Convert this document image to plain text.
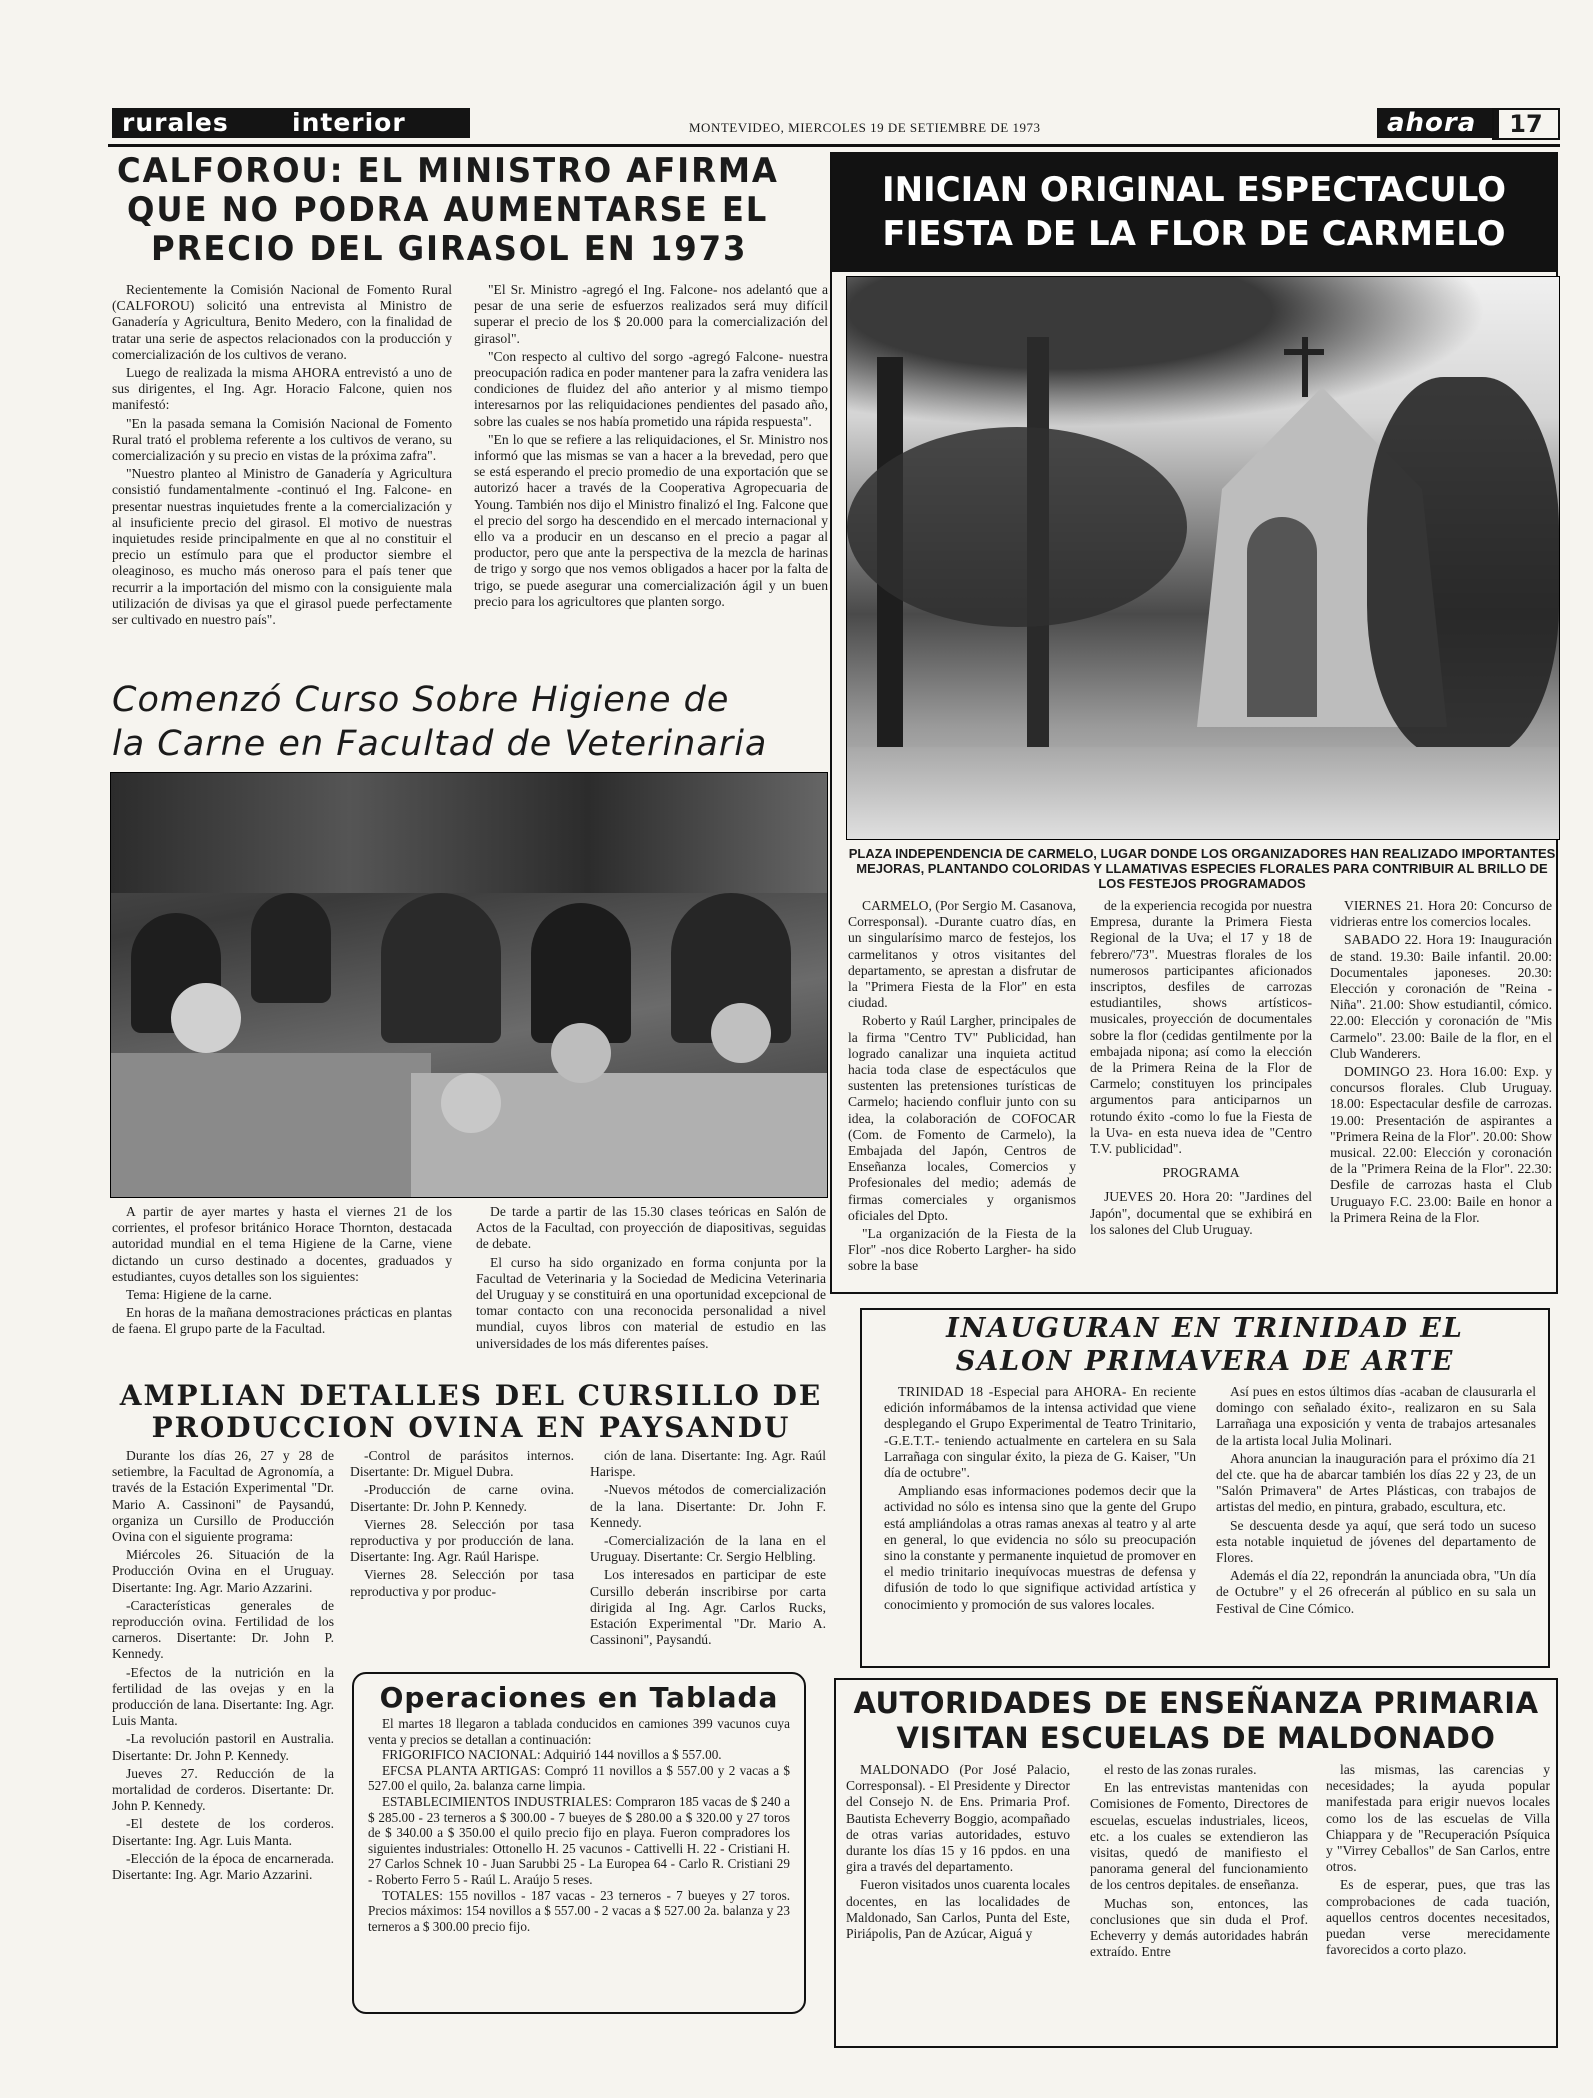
rurales	interior	MONTEVIDEO, MIERCOLES 19 DE SETIEMBRE DE 1973	ahora	17
CALFOROU: EL MINISTRO AFIRMA
QUE NO PODRA AUMENTARSE EL
PRECIO DEL GIRASOL EN 1973

Recientemente la Comisión Nacional de Fomento Rural (CALFOROU) solicitó una entrevista al Ministro de Ganadería y Agricultura, Benito Medero, con la finalidad de tratar una serie de aspectos relacionados con la producción y comercialización de los cultivos de verano.

Luego de realizada la misma AHORA entrevistó a uno de sus dirigentes, el Ing. Agr. Horacio Falcone, quien nos manifestó:

"En la pasada semana la Comisión Nacional de Fomento Rural trató el problema referente a los cultivos de verano, su comercialización y su precio en vistas de la próxima zafra".

"Nuestro planteo al Ministro de Ganadería y Agricultura consistió fundamentalmente -continuó el Ing. Falcone- en presentar nuestras inquietudes frente a la comercialización y al insuficiente precio del girasol. El motivo de nuestras inquietudes reside principalmente en que al no constituir el precio un estímulo para que el productor siembre el oleaginoso, es mucho más oneroso para el país tener que recurrir a la importación del mismo con la consiguiente mala utilización de divisas ya que el girasol puede perfectamente ser cultivado en nuestro país".

"El Sr. Ministro -agregó el Ing. Falcone- nos adelantó que a pesar de una serie de esfuerzos realizados será muy difícil superar el precio de los $ 20.000 para la comercialización del girasol".

"Con respecto al cultivo del sorgo -agregó Falcone- nuestra preocupación radica en poder mantener para la zafra venidera las condiciones de fluidez del año anterior y al mismo tiempo interesarnos por las reliquidaciones pendientes del pasado año, sobre las cuales se nos había prometido una rápida respuesta".

"En lo que se refiere a las reliquidaciones, el Sr. Ministro nos informó que las mismas se van a hacer a la brevedad, pero que se está esperando el precio promedio de una exportación que se autorizó hacer a través de la Cooperativa Agropecuaria de Young. También nos dijo el Ministro finalizó el Ing. Falcone que el precio del sorgo ha descendido en el mercado internacional y ello va a producir en un descanso en el precio a pagar al productor, pero que ante la perspectiva de la mezcla de harinas de trigo y sorgo que nos vemos obligados a hacer por la falta de trigo, se puede asegurar una comercialización ágil y un buen precio para los agricultores que planten sorgo.

Comenzó Curso Sobre Higiene de
la Carne en Facultad de Veterinaria

A partir de ayer martes y hasta el viernes 21 de los corrientes, el profesor británico Horace Thornton, destacada autoridad mundial en el tema Higiene de la Carne, viene dictando un curso destinado a docentes, graduados y estudiantes, cuyos detalles son los siguientes:

Tema: Higiene de la carne.

En horas de la mañana demostraciones prácticas en plantas de faena. El grupo parte de la Facultad.

De tarde a partir de las 15.30 clases teóricas en Salón de Actos de la Facultad, con proyección de diapositivas, seguidas de debate.

El curso ha sido organizado en forma conjunta por la Facultad de Veterinaria y la Sociedad de Medicina Veterinaria del Uruguay y se constituirá en una oportunidad excepcional de tomar contacto con una reconocida personalidad a nivel mundial, cuyos libros con material de estudio en las universidades de los más diferentes países.

AMPLIAN DETALLES DEL CURSILLO DE
PRODUCCION OVINA EN PAYSANDU

Durante los días 26, 27 y 28 de setiembre, la Facultad de Agronomía, a través de la Estación Experimental "Dr. Mario A. Cassinoni" de Paysandú, organiza un Cursillo de Producción Ovina con el siguiente programa:

Miércoles 26. Situación de la Producción Ovina en el Uruguay. Disertante: Ing. Agr. Mario Azzarini.

-Características generales de reproducción ovina. Fertilidad de los carneros. Disertante: Dr. John P. Kennedy.

-Efectos de la nutrición en la fertilidad de las ovejas y en la producción de lana. Disertante: Ing. Agr. Luis Manta.

-La revolución pastoril en Australia. Disertante: Dr. John P. Kennedy.

Jueves 27. Reducción de la mortalidad de corderos. Disertante: Dr. John P. Kennedy.

-El destete de los corderos. Disertante: Ing. Agr. Luis Manta.

-Elección de la época de encarnerada. Disertante: Ing. Agr. Mario Azzarini.

-Control de parásitos internos. Disertante: Dr. Miguel Dubra.

-Producción de carne ovina. Disertante: Dr. John P. Kennedy.

Viernes 28. Selección por tasa reproductiva y por producción de lana. Disertante: Ing. Agr. Raúl Harispe.

Viernes 28. Selección por tasa reproductiva y por produc-

ción de lana. Disertante: Ing. Agr. Raúl Harispe.

-Nuevos métodos de comercialización de la lana. Disertante: Dr. John F. Kennedy.

-Comercialización de la lana en el Uruguay. Disertante: Cr. Sergio Helbling.

Los interesados en participar de este Cursillo deberán inscribirse por carta dirigida al Ing. Agr. Carlos Rucks, Estación Experimental "Dr. Mario A. Cassinoni", Paysandú.

Operaciones en Tablada

El martes 18 llegaron a tablada conducidos en camiones 399 vacunos cuya venta y precios se detallan a continuación:

FRIGORIFICO NACIONAL: Adquirió 144 novillos a $ 557.00.

EFCSA PLANTA ARTIGAS: Compró 11 novillos a $ 557.00 y 2 vacas a $ 527.00 el quilo, 2a. balanza carne limpia.

ESTABLECIMIENTOS INDUSTRIALES: Compraron 185 vacas de $ 240 a $ 285.00 - 23 terneros a $ 300.00 - 7 bueyes de $ 280.00 a $ 320.00 y 27 toros de $ 340.00 a $ 350.00 el quilo precio fijo en playa. Fueron compradores los siguientes industriales: Ottonello H. 25 vacunos - Cattivelli H. 22 - Cristiani H. 27 Carlos Schnek 10 - Juan Sarubbi 25 - La Europea 64 - Carlo R. Cristiani 29 - Roberto Ferro 5 - Raúl L. Araújo 5 reses.

TOTALES: 155 novillos - 187 vacas - 23 terneros - 7 bueyes y 27 toros. Precios máximos: 154 novillos a $ 557.00 - 2 vacas a $ 527.00 2a. balanza y 23 terneros a $ 300.00 precio fijo.

INICIAN ORIGINAL ESPECTACULO
FIESTA DE LA FLOR DE CARMELO
PLAZA INDEPENDENCIA DE CARMELO, LUGAR DONDE LOS ORGANIZADORES HAN REALIZADO IMPORTANTES MEJORAS, PLANTANDO COLORIDAS Y LLAMATIVAS ESPECIES FLORALES PARA CONTRIBUIR AL BRILLO DE LOS FESTEJOS PROGRAMADOS

CARMELO, (Por Sergio M. Casanova, Corresponsal). -Durante cuatro días, en un singularísimo marco de festejos, los carmelitanos y otros visitantes del departamento, se aprestan a disfrutar de la "Primera Fiesta de la Flor" en esta ciudad.

Roberto y Raúl Largher, principales de la firma "Centro TV" Publicidad, han logrado canalizar una inquieta actitud hacia toda clase de espectáculos que sustenten las pretensiones turísticas de Carmelo; haciendo confluir junto con su idea, la colaboración de COFOCAR (Com. de Fomento de Carmelo), la Embajada del Japón, Centros de Enseñanza locales, Comercios y Profesionales del medio; además de firmas comerciales y organismos oficiales del Dpto.

"La organización de la Fiesta de la Flor" -nos dice Roberto Largher- ha sido sobre la base

de la experiencia recogida por nuestra Empresa, durante la Primera Fiesta Regional de la Uva; el 17 y 18 de febrero/'73". Muestras florales de los numerosos participantes aficionados inscriptos, desfiles de carrozas estudiantiles, shows artísticos-musicales, proyección de documentales sobre la flor (cedidas gentilmente por la embajada nipona; así como la elección de la Primera Reina de la Flor de Carmelo; constituyen los principales argumentos para anticiparnos un rotundo éxito -como lo fue la Fiesta de la Uva- en esta nueva idea de "Centro T.V. publicidad".

PROGRAMA

JUEVES 20. Hora 20: "Jardines del Japón", documental que se exhibirá en los salones del Club Uruguay.

VIERNES 21. Hora 20: Concurso de vidrieras entre los comercios locales.

SABADO 22. Hora 19: Inauguración de stand. 19.30: Baile infantil. 20.00: Documentales japoneses. 20.30: Elección y coronación de "Reina - Niña". 21.00: Show estudiantil, cómico. 22.00: Elección y coronación de "Mis Carmelo". 23.00: Baile de la flor, en el Club Wanderers.

DOMINGO 23. Hora 16.00: Exp. y concursos florales. Club Uruguay. 18.00: Espectacular desfile de carrozas. 19.00: Presentación de aspirantes a "Primera Reina de la Flor". 20.00: Show musical. 22.00: Elección y coronación de la "Primera Reina de la Flor". 22.30: Desfile de carrozas hasta el Club Uruguayo F.C. 23.00: Baile en honor a la Primera Reina de la Flor.

INAUGURAN EN TRINIDAD EL
SALON PRIMAVERA DE ARTE

TRINIDAD 18 -Especial para AHORA- En reciente edición informábamos de la intensa actividad que viene desplegando el Grupo Experimental de Teatro Trinitario, -G.E.T.T.- teniendo actualmente en cartelera en su Sala Larrañaga con singular éxito, la pieza de G. Kaiser, "Un día de octubre".

Ampliando esas informaciones podemos decir que la actividad no sólo es intensa sino que la gente del Grupo está ampliándolas a otras ramas anexas al teatro y al arte en general, lo que evidencia no sólo su preocupación sino la constante y permanente inquietud de promover en el medio trinitario inequívocas muestras de defensa y difusión de todo lo que signifique actividad artística y conocimiento y promoción de sus valores locales.

Así pues en estos últimos días -acaban de clausurarla el domingo con señalado éxito-, realizaron en su Sala Larrañaga una exposición y venta de trabajos artesanales de la artista local Julia Molinari.

Ahora anuncian la inauguración para el próximo día 21 del cte. que ha de abarcar también los días 22 y 23, de un "Salón Primavera" de Artes Plásticas, con trabajos de artistas del medio, en pintura, grabado, escultura, etc.

Se descuenta desde ya aquí, que será todo un suceso esta notable inquietud de jóvenes del departamento de Flores.

Además el día 22, repondrán la anunciada obra, "Un día de Octubre" y el 26 ofrecerán al público en su sala un Festival de Cine Cómico.

AUTORIDADES DE ENSEÑANZA PRIMARIA
VISITAN ESCUELAS DE MALDONADO

MALDONADO (Por José Palacio, Corresponsal). - El Presidente y Director del Consejo N. de Ens. Primaria Prof. Bautista Echeverry Boggio, acompañado de otras varias autoridades, estuvo durante los días 15 y 16 ppdos. en una gira a través del departamento.

Fueron visitados unos cuarenta locales docentes, en las localidades de Maldonado, San Carlos, Punta del Este, Piriápolis, Pan de Azúcar, Aiguá y

el resto de las zonas rurales.

En las entrevistas mantenidas con Comisiones de Fomento, Directores de escuelas, escuelas industriales, liceos, etc. a los cuales se extendieron las visitas, quedó de manifiesto el panorama general del funcionamiento de los centros depitales. de enseñanza.

Muchas son, entonces, las conclusiones que sin duda el Prof. Echeverry y demás autoridades habrán extraído. Entre

las mismas, las carencias y necesidades; la ayuda popular manifestada para erigir nuevos locales como los de las escuelas de Villa Chiappara y de "Recuperación Psíquica y "Virrey Ceballos" de San Carlos, entre otros.

Es de esperar, pues, que tras las comprobaciones de cada tuación, aquellos centros docentes necesitados, puedan verse merecidamente favorecidos a corto plazo.
